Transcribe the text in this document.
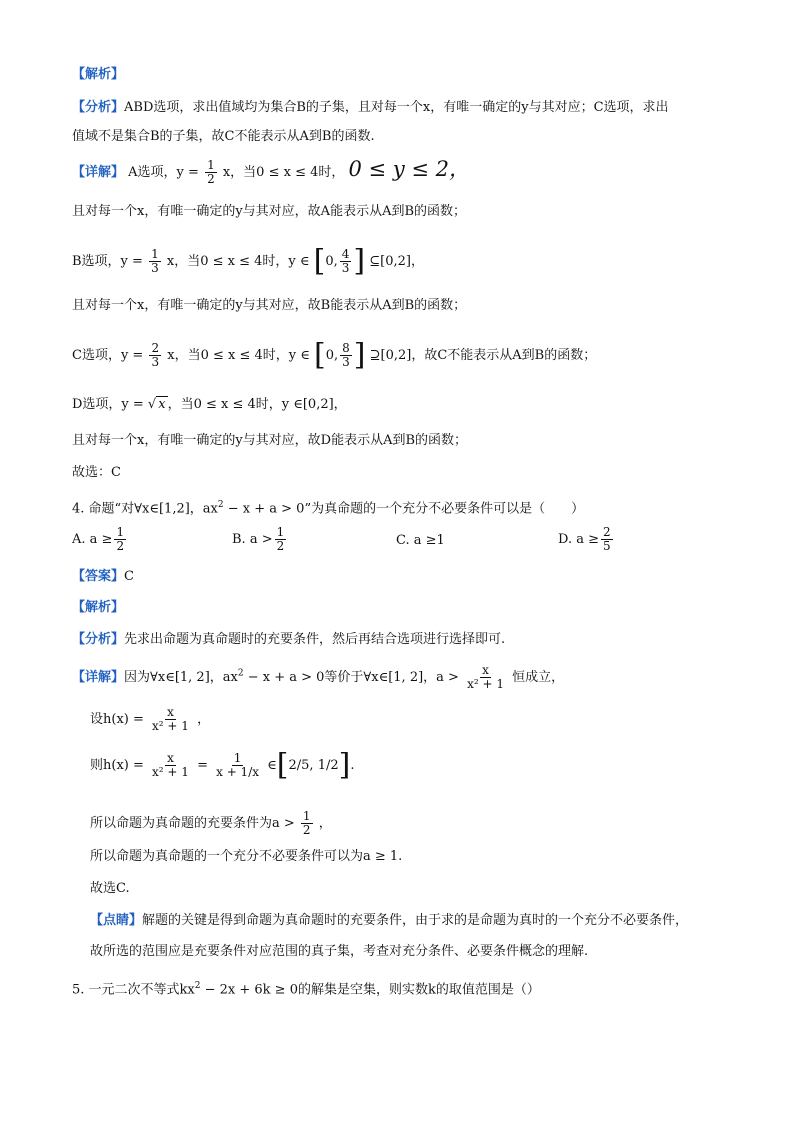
【解析】
【分析】ABD选项，求出值域均为集合B的子集，且对每一个x，有唯一确定的y与其对应；C选项，求出
值域不是集合B的子集，故C不能表示从A到B的函数.
【详解】 A选项，$y = \frac{1}{2}$ x，当0 ≤ x ≤ 4时， 0 ≤ y ≤ 2，
且对每一个x，有唯一确定的y与其对应，故A能表示从A到B的函数；
B选项，$y = \frac{1}{3}$ x，当0 ≤ x ≤ 4时，y ∈ [0, $\frac{4}{3}$ ] ⊆[0,2]，
且对每一个x，有唯一确定的y与其对应，故B能表示从A到B的函数；
C选项，$y = \frac{2}{3}$ x，当0 ≤ x ≤ 4时，y ∈ [0, $\frac{8}{3}$ ] ⊇[0,2]，故C不能表示从A到B的函数；
D选项，y = √ x ，当0 ≤ x ≤ 4时，y ∈[0,2]，
且对每一个x，有唯一确定的y与其对应，故D能表示从A到B的函数；
故选：C
4. 命题“对∀x∈[1,2]，$ax^2 - x + a > 0$”为真命题的一个充分不必要条件可以是（　　）
A. $a \ge \frac{1}{2}$	B. $a > \frac{1}{2}$	C. a ≥1	D. $a \ge \frac{2}{5}$
【答案】C
【解析】
【分析】先求出命题为真命题时的充要条件，然后再结合选项进行选择即可.
【详解】因为∀x∈[1, 2]，$ax^2 - x + a > 0$等价于∀x∈[1, 2]，$a > \frac{x}{\text{x² + 1}}$ 恒成立，
设$h(x) = \frac{x}{\text{x² + 1}}$ ，
则$h(x) = \frac{x}{\text{x² + 1}} = \frac{1}{x + 1/x}$ ∈[2/5, 1/2].
所以命题为真命题的充要条件为$a > \frac{1}{2}$ ，
所以命题为真命题的一个充分不必要条件可以为a ≥ 1.
故选C.
【点睛】解题的关键是得到命题为真命题时的充要条件，由于求的是命题为真时的一个充分不必要条件，
故所选的范围应是充要条件对应范围的真子集，考查对充分条件、必要条件概念的理解.
5. 一元二次不等式$kx^2 - 2x + 6k \ge 0$的解集是空集，则实数k的取值范围是（）
